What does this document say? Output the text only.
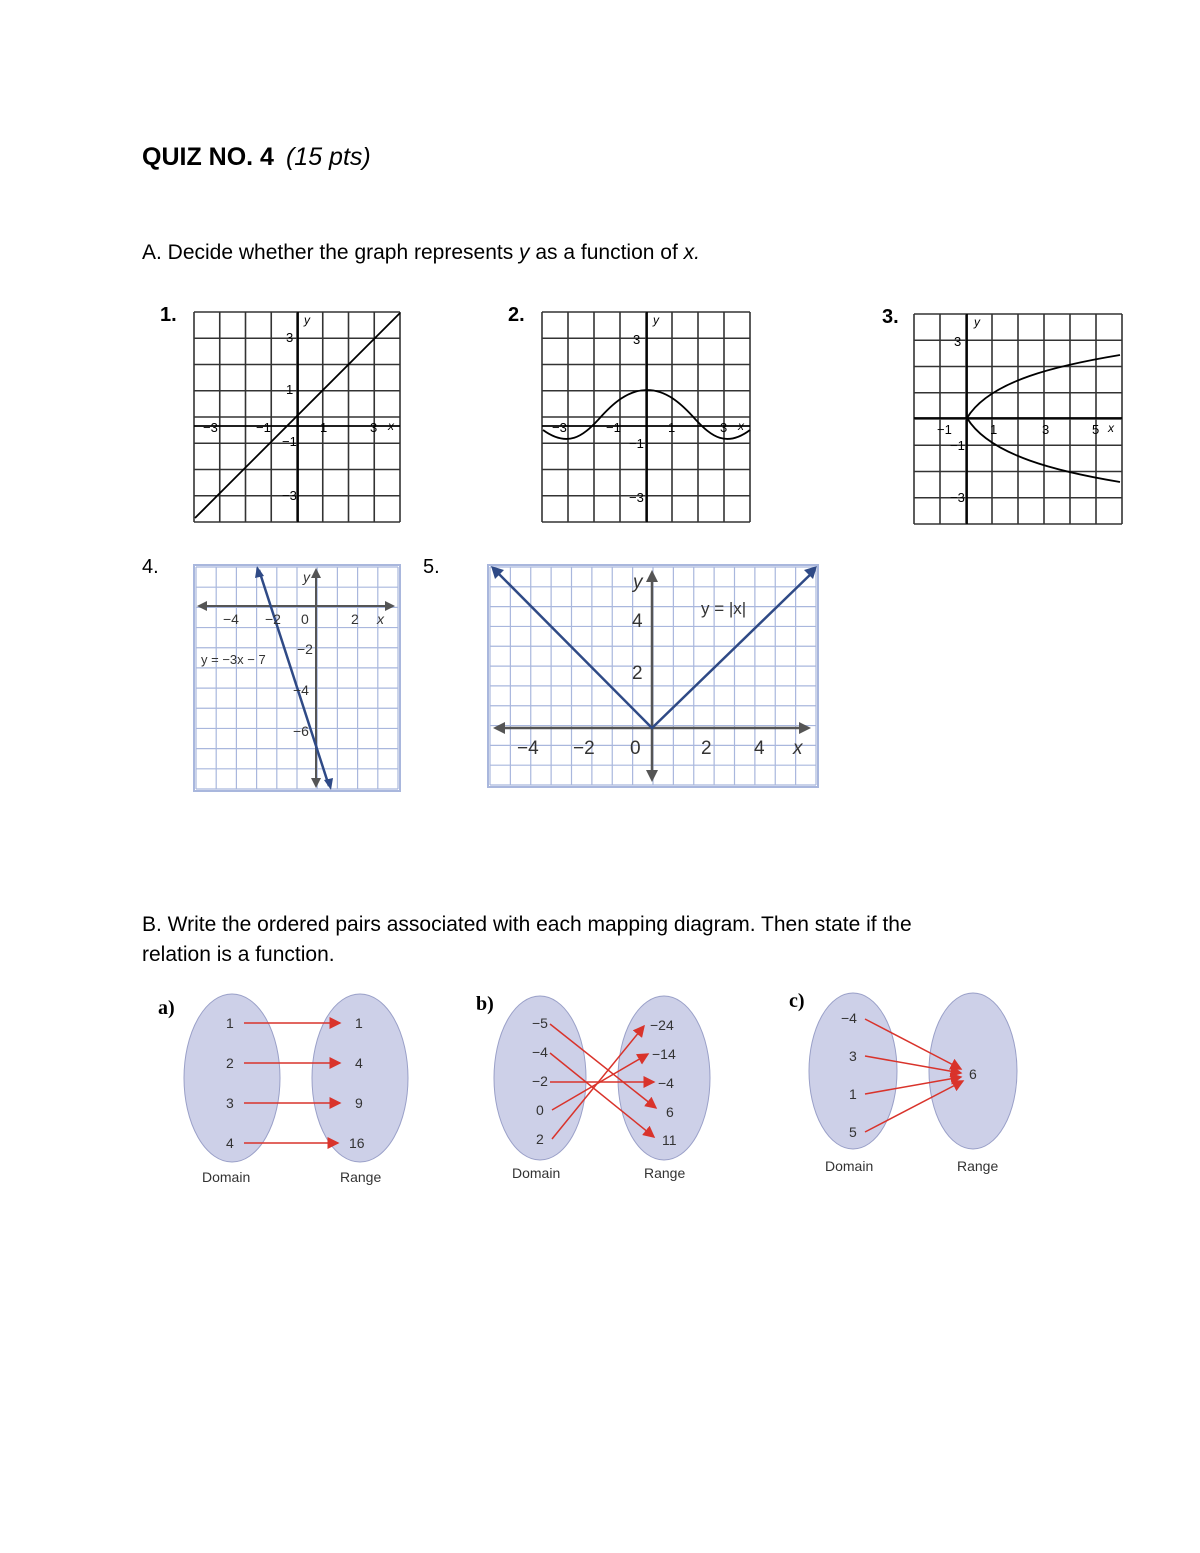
QUIZ NO. 4 (15 pts)
A. Decide whether the graph represents y as a function of x.
1.	2.	3.
4.	5.
−3	−1	1	3
3
1
−1
−3
x
y
−3	−1	1	3
3
−1
−3
x
y
−1	1	3	5
3
−1
−3
x
y
−4 −2 0	2
−2
−4
−6
x
y
y = −3x − 7
−4 −2 0	2 4
4
2
x
y
y = |x|
B. Write the ordered pairs associated with each mapping diagram. Then state if the
relation is a function.
a)
1
2
3
4
1
4
9
16
Domain	Range
b)
−5
−4
−2
0
2
−24
−14
−4
6
11
Domain	Range
c)
−4
3
1
5
6
Domain	Range
